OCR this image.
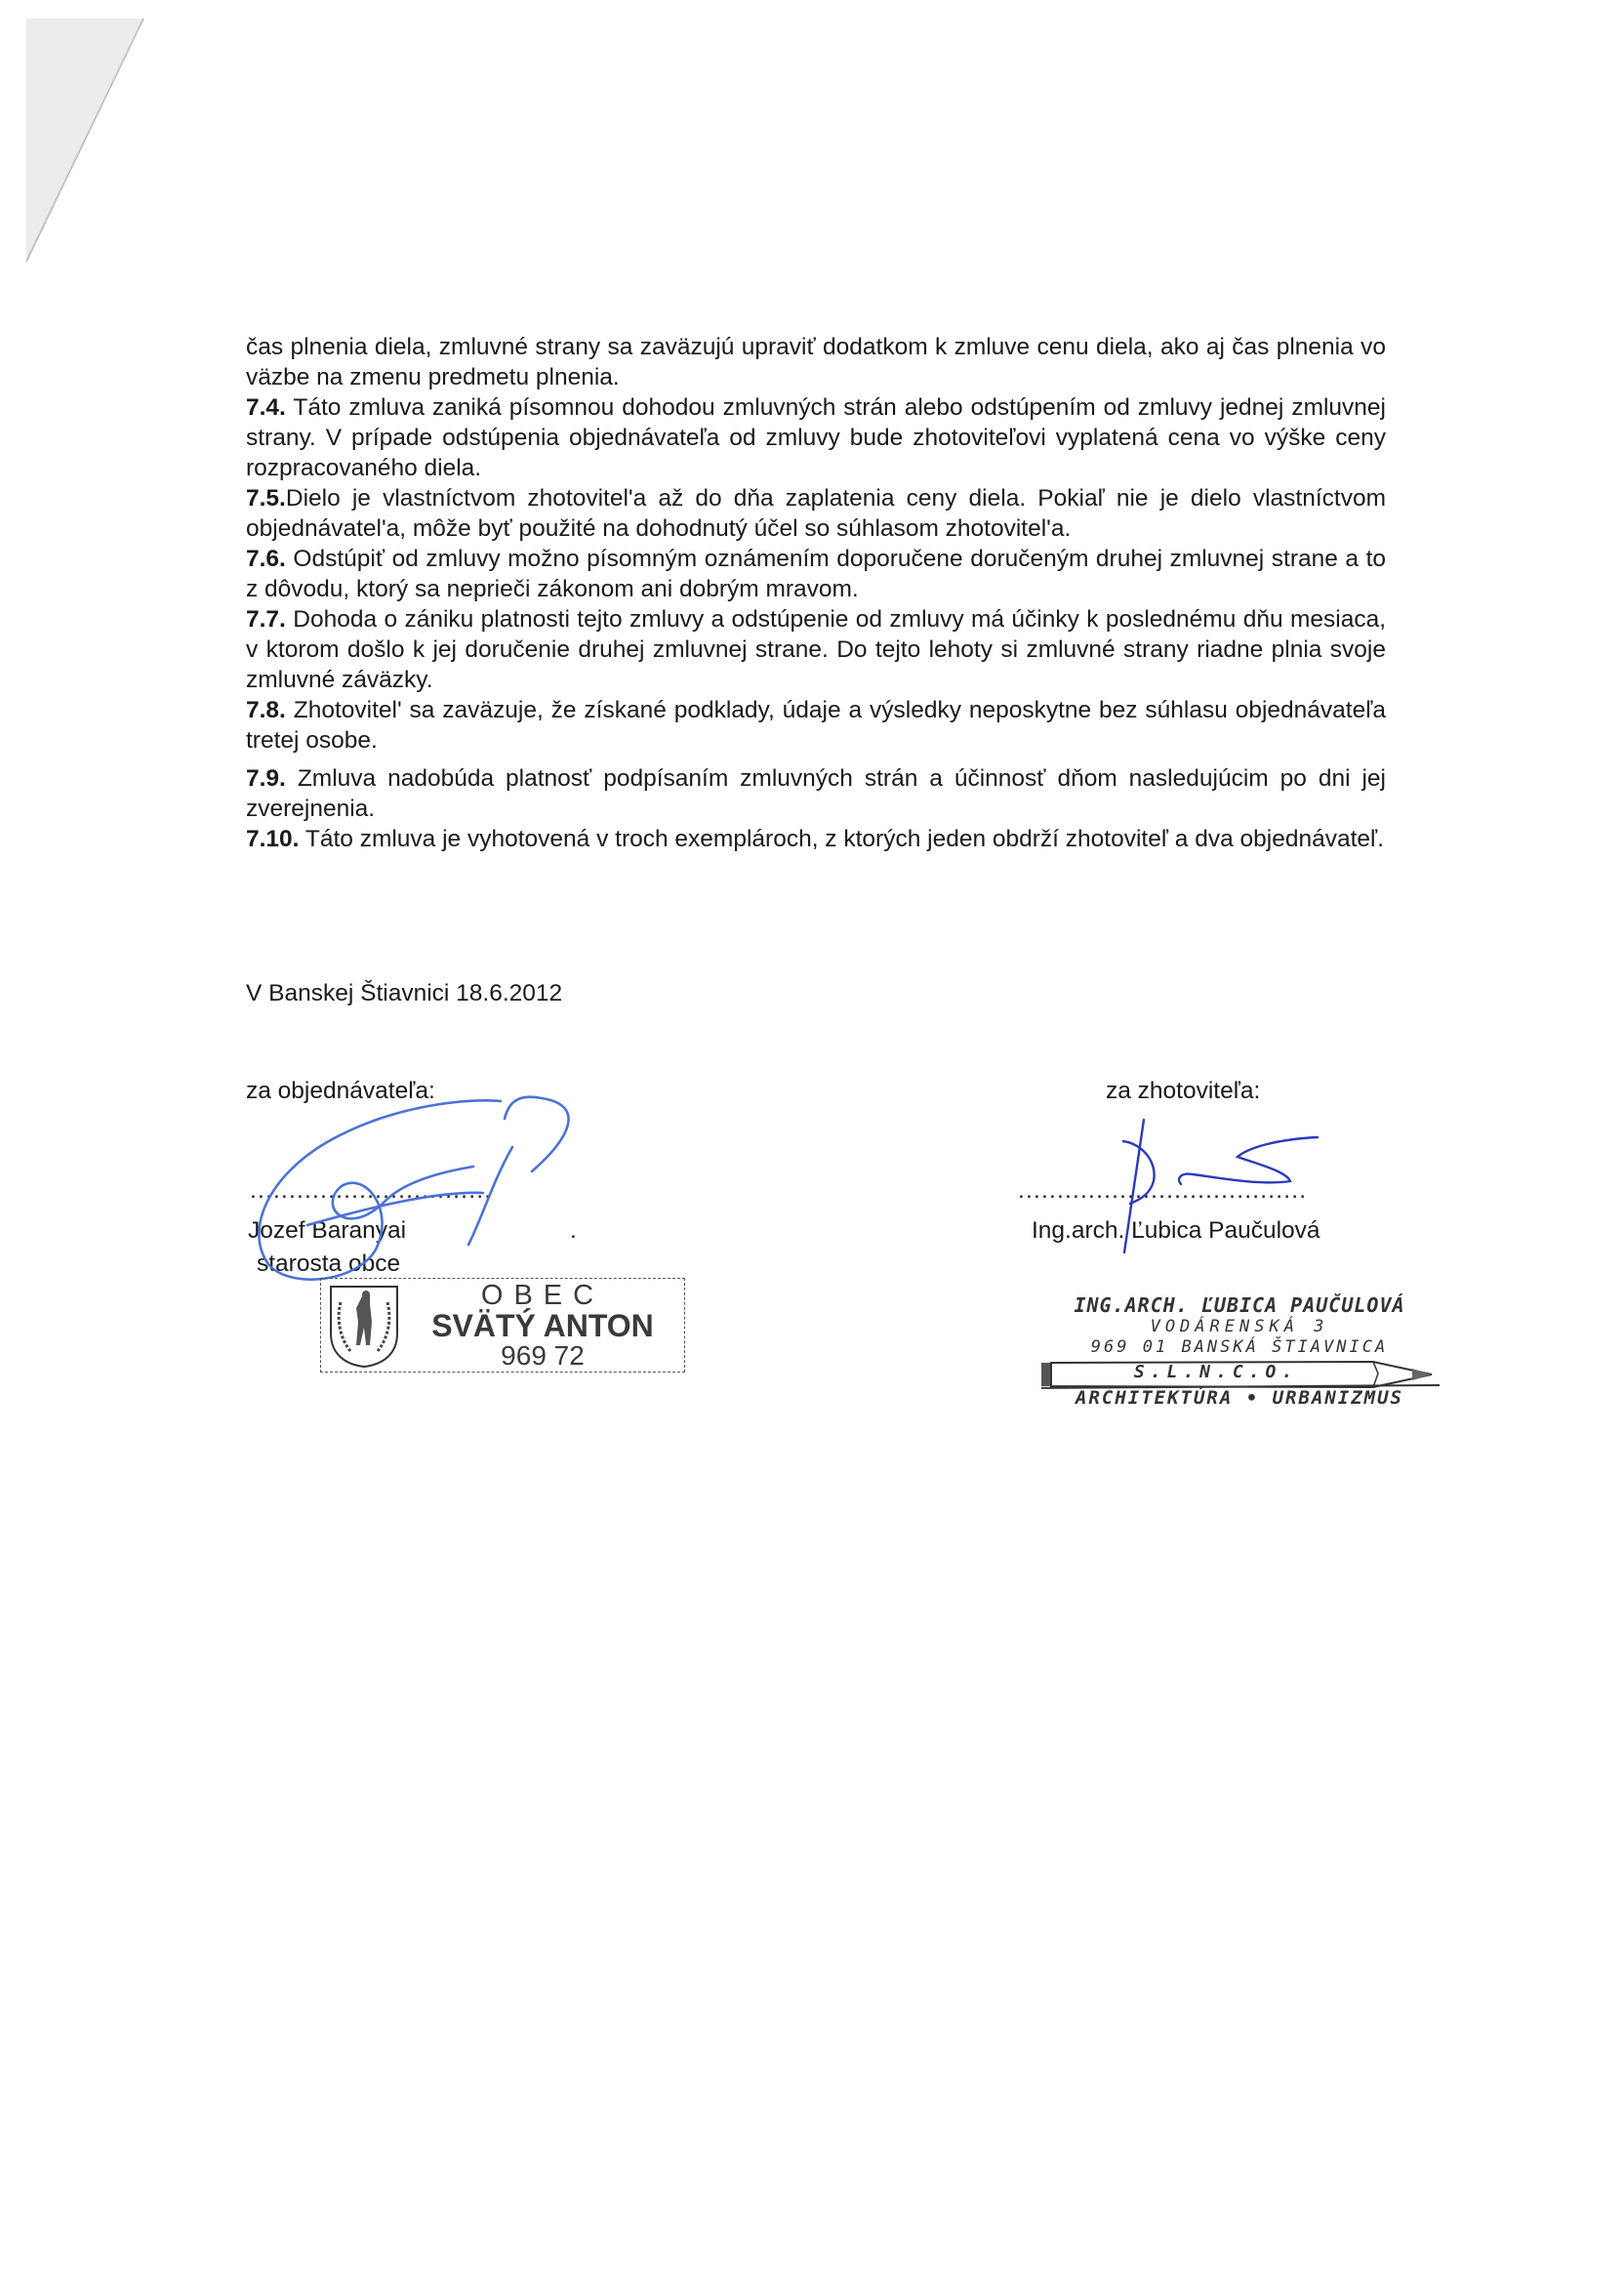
čas plnenia diela, zmluvné strany sa zaväzujú upraviť dodatkom k zmluve cenu diela, ako aj čas plnenia vo väzbe na zmenu predmetu plnenia.

7.4. Táto zmluva zaniká písomnou dohodou zmluvných strán alebo odstúpením od zmluvy jednej zmluvnej strany. V prípade odstúpenia objednávateľa od zmluvy bude zhotoviteľovi vyplatená cena vo výške ceny rozpracovaného diela.

7.5.Dielo je vlastníctvom zhotovitel'a až do dňa zaplatenia ceny diela. Pokiaľ nie je dielo vlastníctvom objednávatel'a, môže byť použité na dohodnutý účel so súhlasom zhotovitel'a.

7.6. Odstúpiť od zmluvy možno písomným oznámením doporučene doručeným druhej zmluvnej strane a to z dôvodu, ktorý sa neprieči zákonom ani dobrým mravom.

7.7. Dohoda o zániku platnosti tejto zmluvy a odstúpenie od zmluvy má účinky k poslednému dňu mesiaca, v ktorom došlo k jej doručenie druhej zmluvnej strane. Do tejto lehoty si zmluvné strany riadne plnia svoje zmluvné záväzky.

7.8. Zhotovitel' sa zaväzuje, že získané podklady, údaje a výsledky neposkytne bez súhlasu objednávateľa tretej osobe.

7.9. Zmluva nadobúda platnosť podpísaním zmluvných strán a účinnosť dňom nasledujúcim po dni jej zverejnenia.

7.10. Táto zmluva je vyhotovená v troch exemplároch, z ktorých jeden obdrží zhotoviteľ a dva objednávateľ.

V Banskej Štiavnici 18.6.2012
za objednávateľa:
...............................
Jozef Baranyai	.
starosta obce
OBEC
SVÄTÝ ANTON
969 72
za zhotoviteľa:
.....................................
Ing.arch. Ľubica Paučulová
ING.ARCH. ĽUBICA PAUČULOVÁ
VODÁRENSKÁ 3
969 01 BANSKÁ ŠTIAVNICA
S.L.N.C.O.
ARCHITEKTÚRA • URBANIZMUS
